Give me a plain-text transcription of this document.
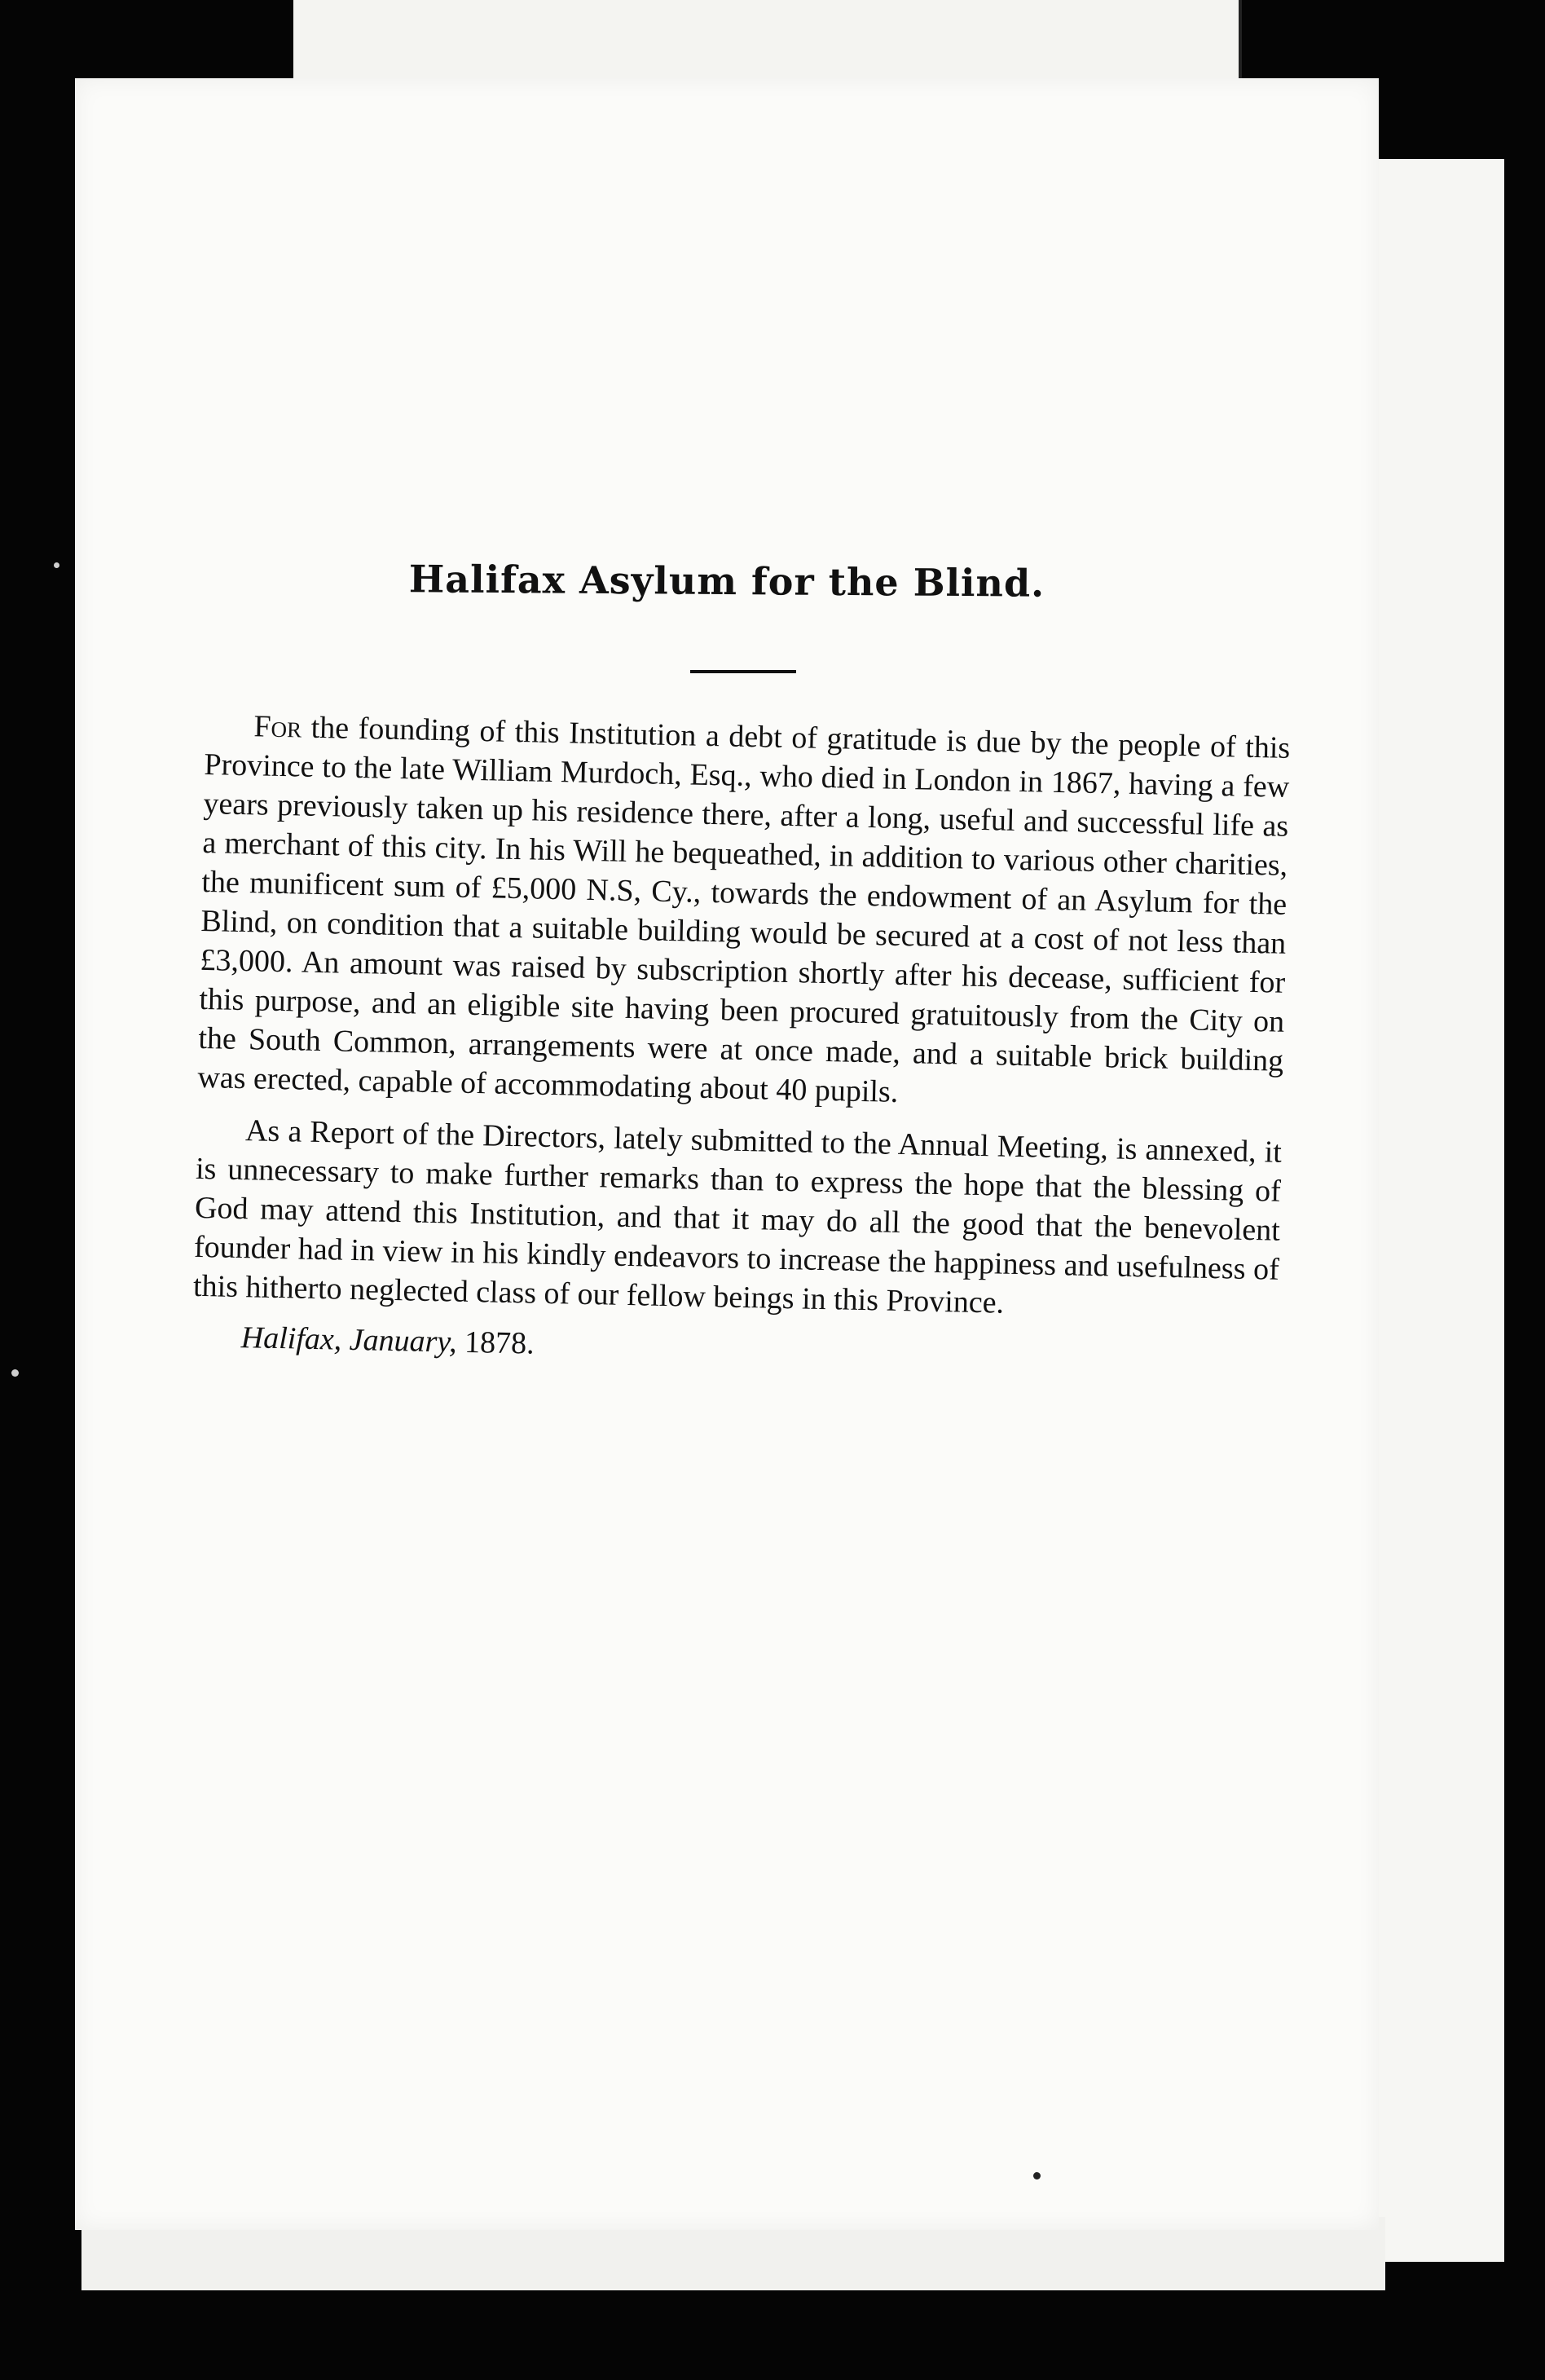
Halifax Asylum for the Blind.

For the founding of this Institution a debt of gratitude is due by the people of this Province to the late William Murdoch, Esq., who died in London in 1867, having a few years previously taken up his residence there, after a long, useful and successful life as a merchant of this city. In his Will he bequeathed, in addition to various other charities, the munificent sum of £5,000 N.S, Cy., towards the endowment of an Asylum for the Blind, on condition that a suitable building would be secured at a cost of not less than £3,000. An amount was raised by subscription shortly after his decease, sufficient for this purpose, and an eligible site having been procured gratuitously from the City on the South Common, arrangements were at once made, and a suitable brick building was erected, capable of accommodating about 40 pupils.

As a Report of the Directors, lately submitted to the Annual Meeting, is annexed, it is unnecessary to make further remarks than to express the hope that the blessing of God may attend this Institution, and that it may do all the good that the benevolent founder had in view in his kindly endeavors to increase the happiness and usefulness of this hitherto neglected class of our fellow beings in this Province.

Halifax, January, 1878.
